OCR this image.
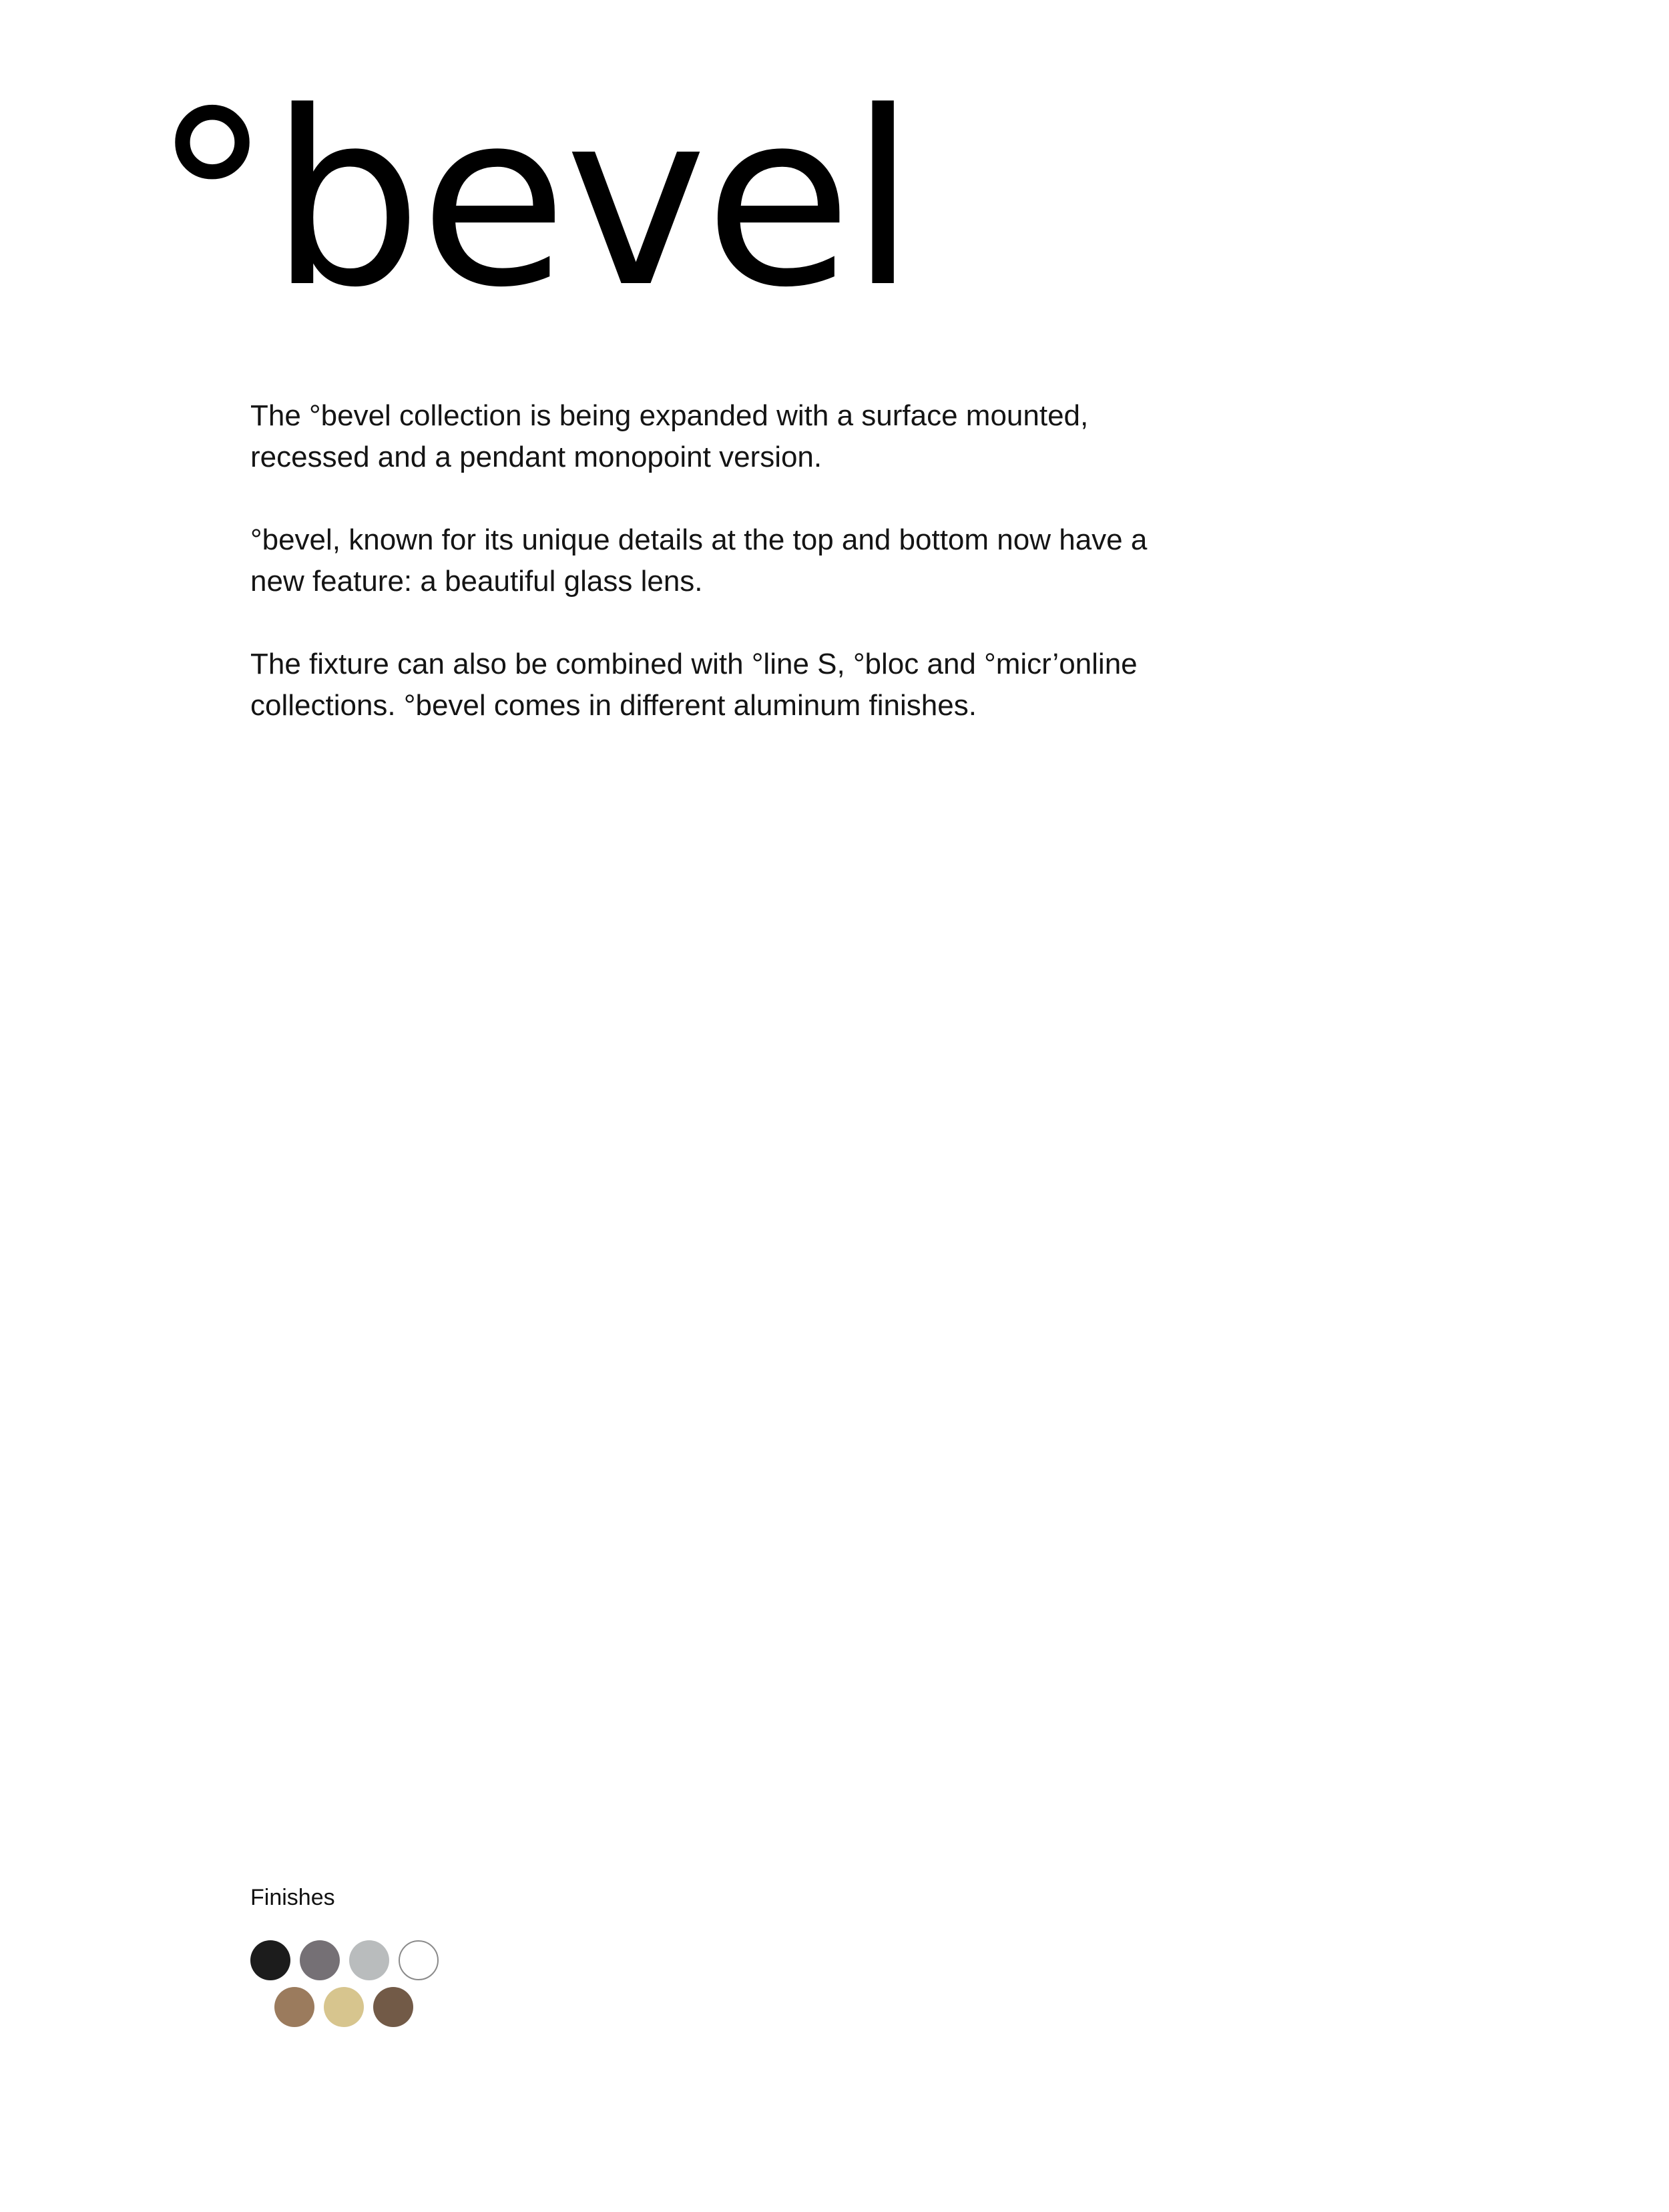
°bevel

The °bevel collection is being expanded with a surface mounted, recessed and a pendant monopoint version.

°bevel, known for its unique details at the top and bottom now have a new feature: a beautiful glass lens.

The fixture can also be combined with °line S, °bloc and °micr’online collections. °bevel comes in different aluminum finishes.

Finishes
